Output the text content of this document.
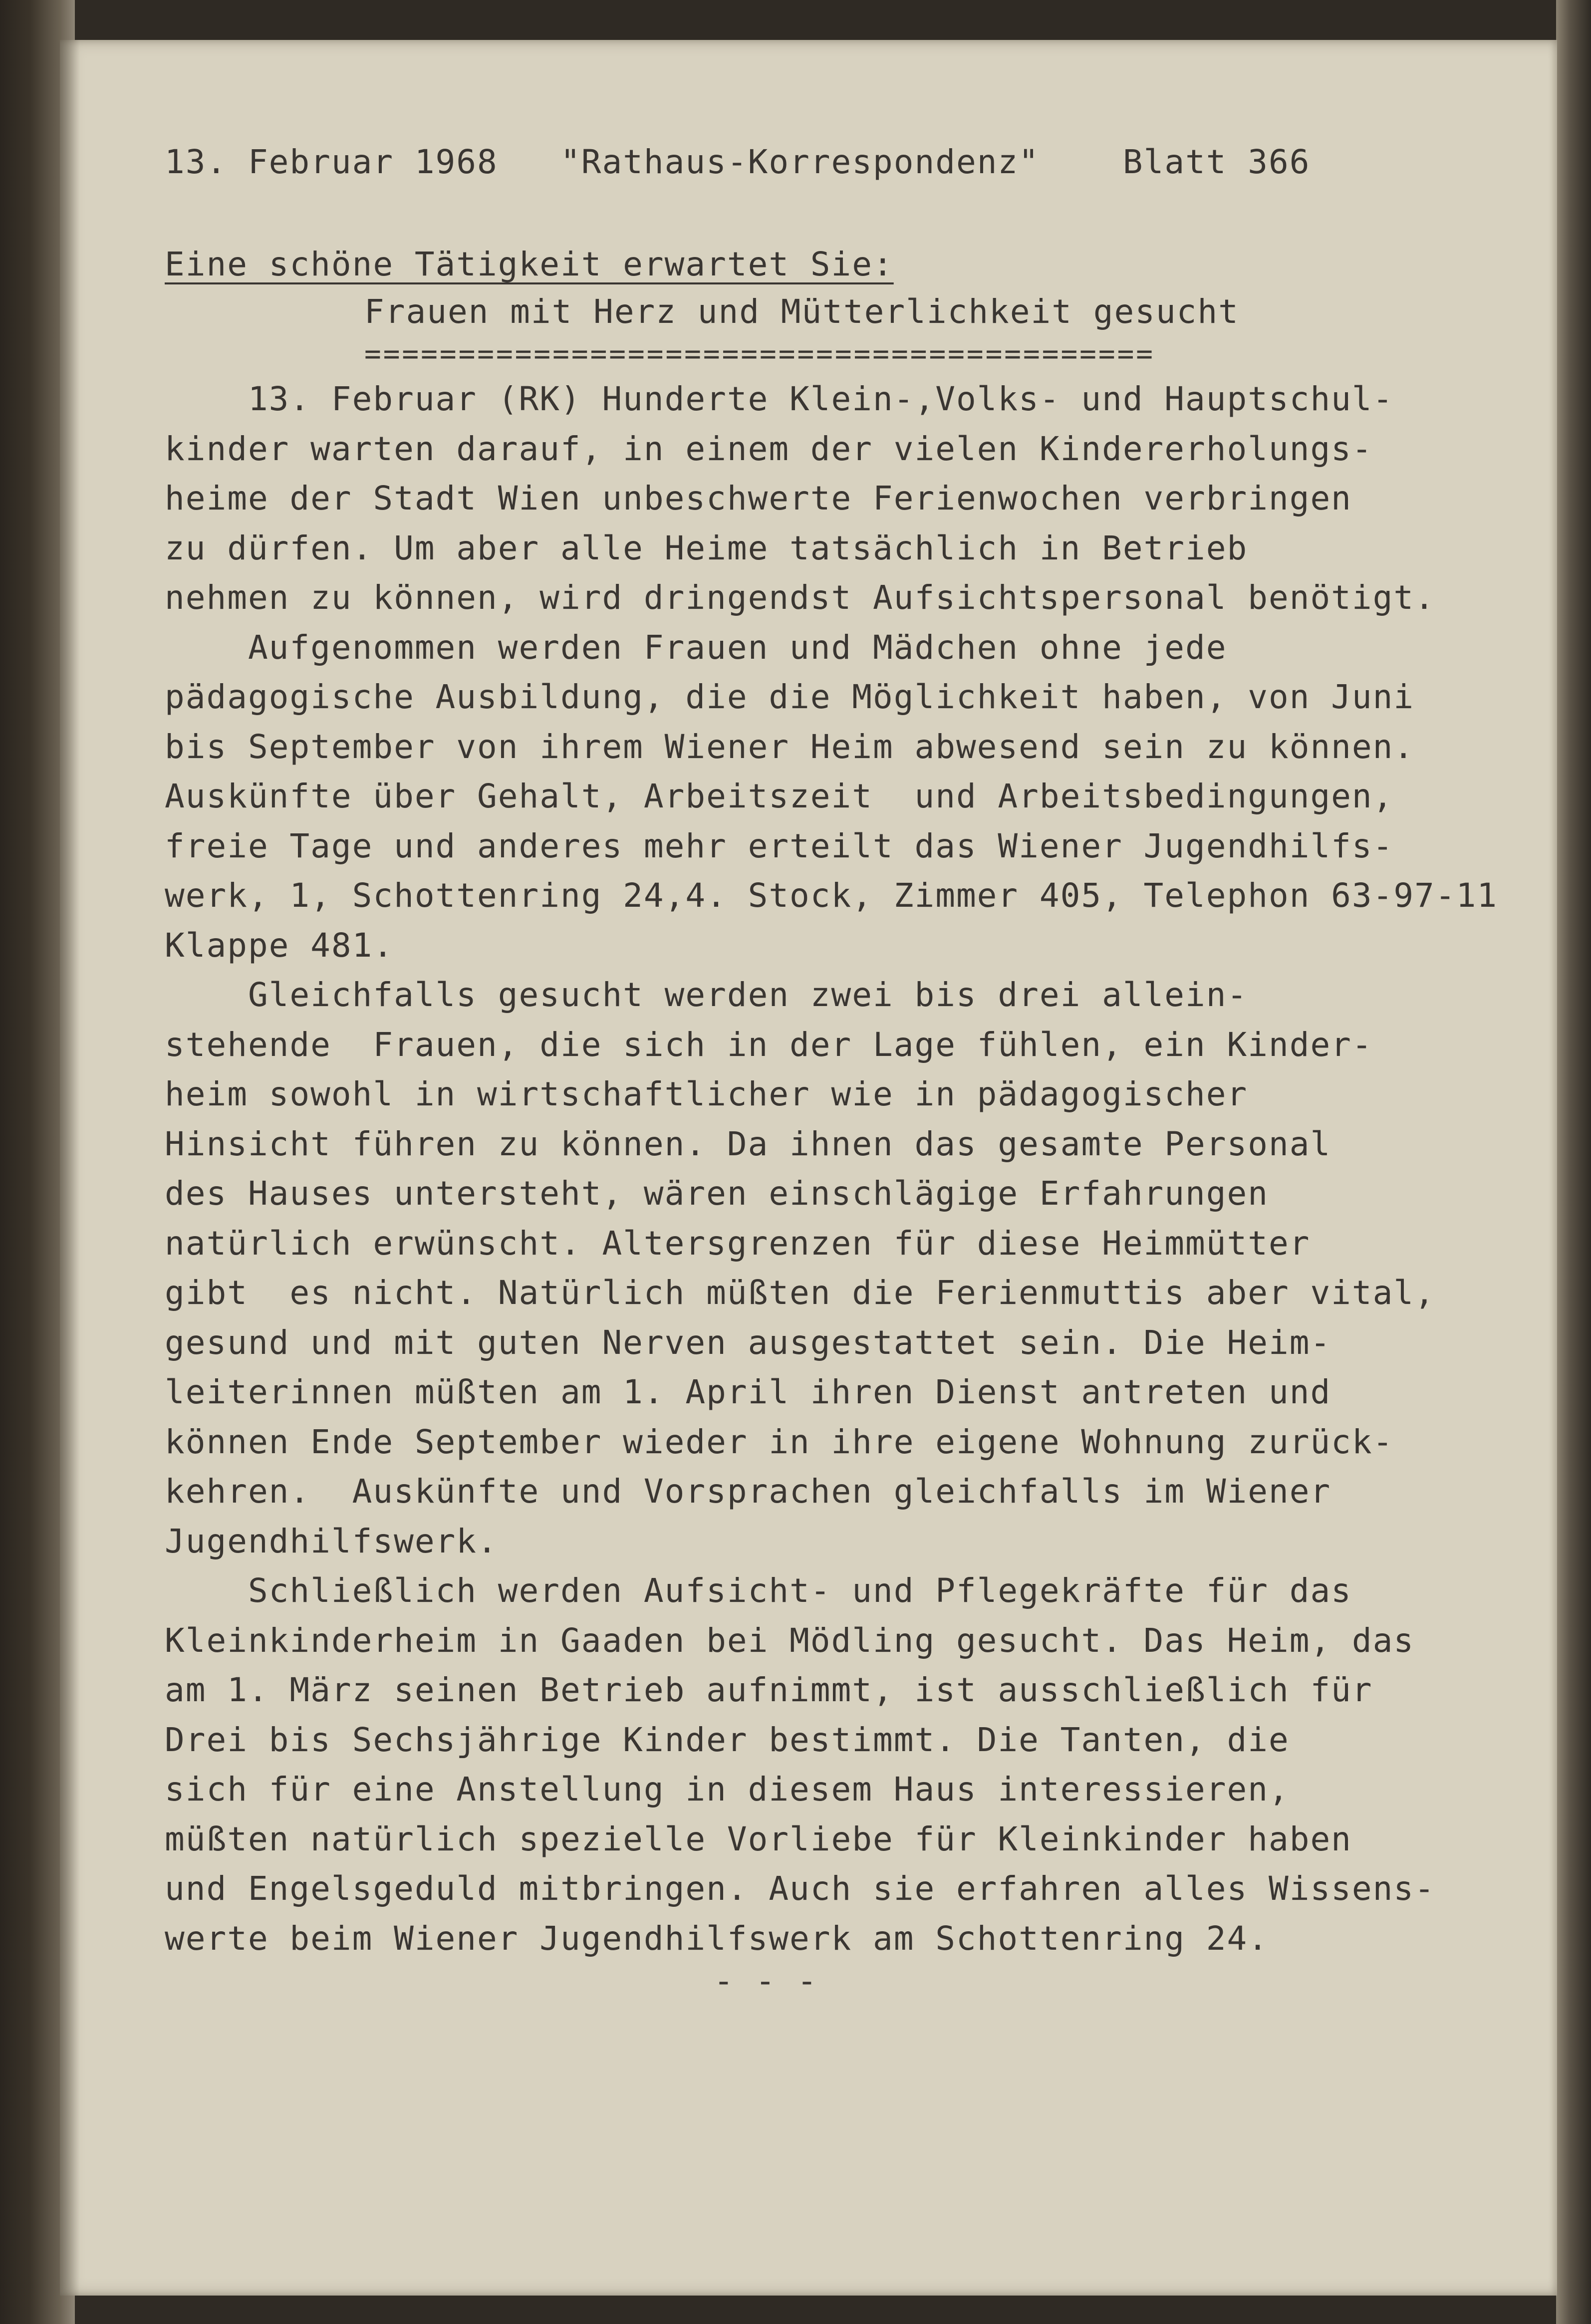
13. Februar 1968 "Rathaus-Korrespondenz"	Blatt 366
Eine schöne Tätigkeit erwartet Sie:
Frauen mit Herz und Mütterlichkeit gesucht
==========================================
13. Februar (RK) Hunderte Klein-,Volks- und Hauptschul-
kinder warten darauf, in einem der vielen Kindererholungs-
heime der Stadt Wien unbeschwerte Ferienwochen verbringen
zu dürfen. Um aber alle Heime tatsächlich in Betrieb
nehmen zu können, wird dringendst Aufsichtspersonal benötigt.
Aufgenommen werden Frauen und Mädchen ohne jede
pädagogische Ausbildung, die die Möglichkeit haben, von Juni
bis September von ihrem Wiener Heim abwesend sein zu können.
Auskünfte über Gehalt, Arbeitszeit  und Arbeitsbedingungen,
freie Tage und anderes mehr erteilt das Wiener Jugendhilfs-
werk, 1, Schottenring 24,4. Stock, Zimmer 405, Telephon 63-97-11
Klappe 481.
Gleichfalls gesucht werden zwei bis drei allein-
stehende  Frauen, die sich in der Lage fühlen, ein Kinder-
heim sowohl in wirtschaftlicher wie in pädagogischer
Hinsicht führen zu können. Da ihnen das gesamte Personal
des Hauses untersteht, wären einschlägige Erfahrungen
natürlich erwünscht. Altersgrenzen für diese Heimmütter
gibt  es nicht. Natürlich müßten die Ferienmuttis aber vital,
gesund und mit guten Nerven ausgestattet sein. Die Heim-
leiterinnen müßten am 1. April ihren Dienst antreten und
können Ende September wieder in ihre eigene Wohnung zurück-
kehren.  Auskünfte und Vorsprachen gleichfalls im Wiener
Jugendhilfswerk.
Schließlich werden Aufsicht- und Pflegekräfte für das
Kleinkinderheim in Gaaden bei Mödling gesucht. Das Heim, das
am 1. März seinen Betrieb aufnimmt, ist ausschließlich für
Drei bis Sechsjährige Kinder bestimmt. Die Tanten, die
sich für eine Anstellung in diesem Haus interessieren,
müßten natürlich spezielle Vorliebe für Kleinkinder haben
und Engelsgeduld mitbringen. Auch sie erfahren alles Wissens-
werte beim Wiener Jugendhilfswerk am Schottenring 24.
- - -
